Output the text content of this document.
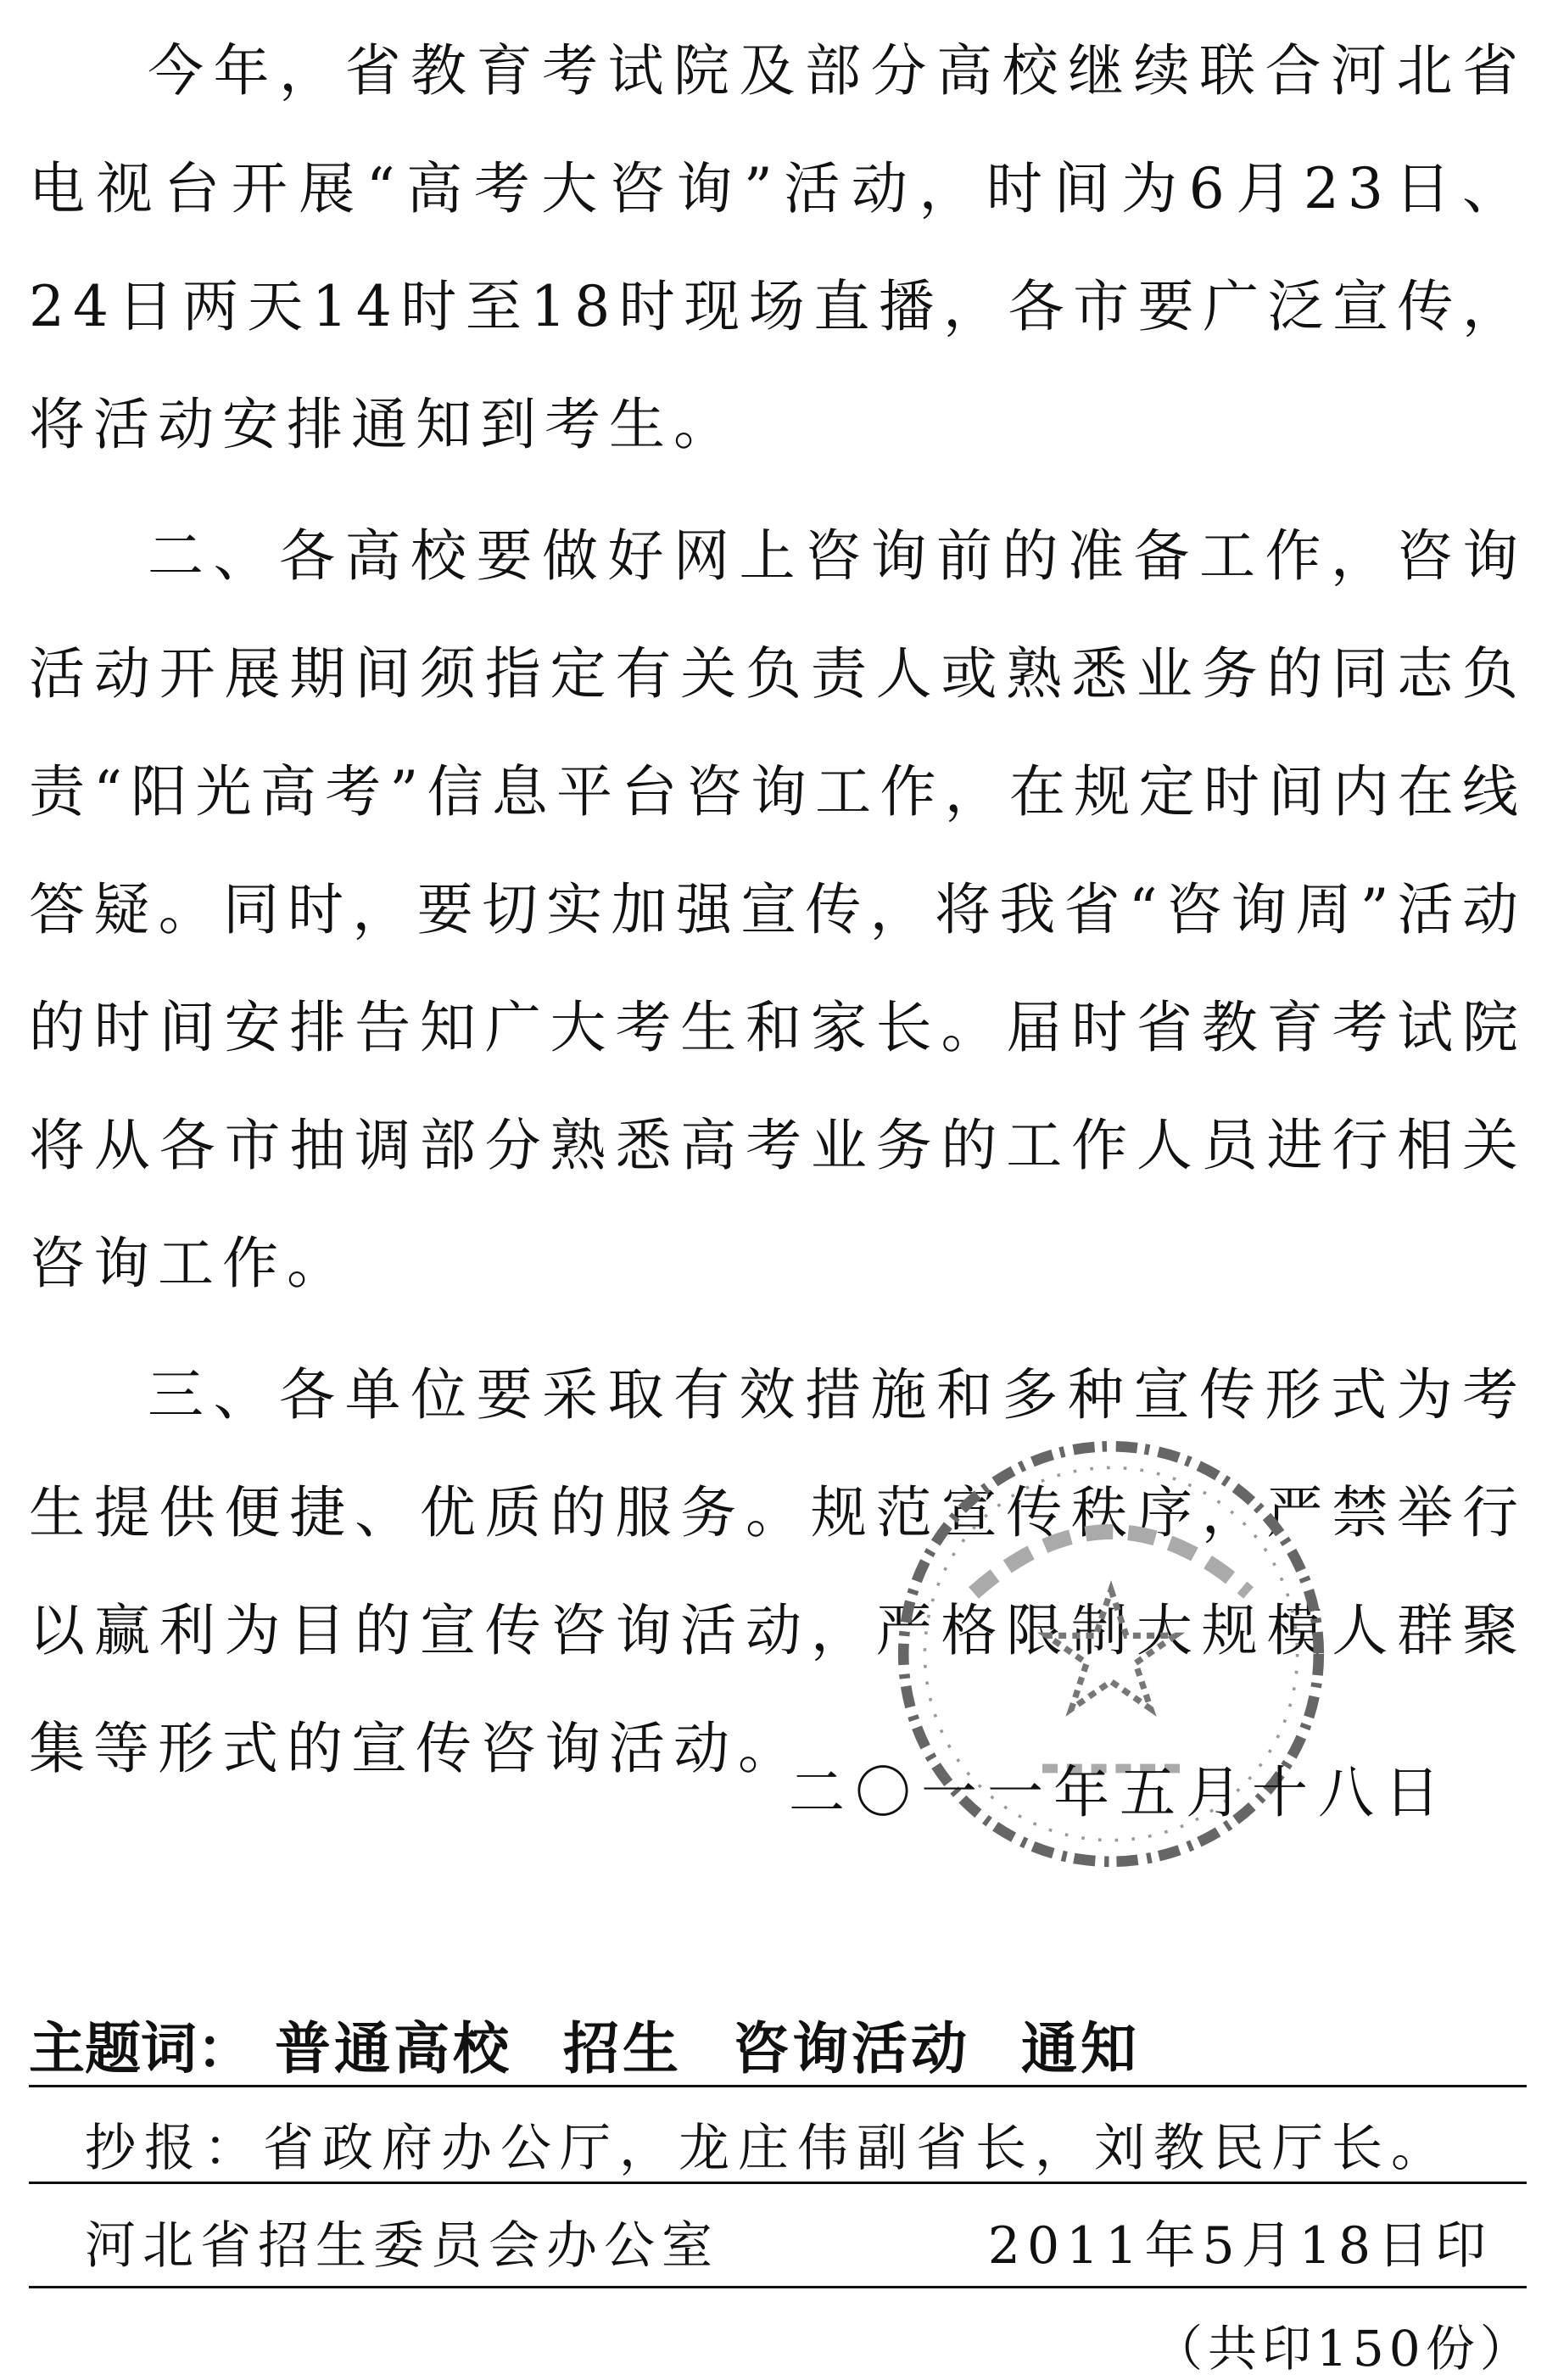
今年，省教育考试院及部分高校继续联合河北省电视台开展“高考大咨询”活动，时间为6月23日、24日两天14时至18时现场直播，各市要广泛宣传，将活动安排通知到考生。

二、各高校要做好网上咨询前的准备工作，咨询活动开展期间须指定有关负责人或熟悉业务的同志负责“阳光高考”信息平台咨询工作，在规定时间内在线答疑。同时，要切实加强宣传，将我省“咨询周”活动的时间安排告知广大考生和家长。届时省教育考试院将从各市抽调部分熟悉高考业务的工作人员进行相关咨询工作。

三、各单位要采取有效措施和多种宣传形式为考生提供便捷、优质的服务。规范宣传秩序，严禁举行以赢利为目的宣传咨询活动，严格限制大规模人群聚集等形式的宣传咨询活动。

二〇一一年五月十八日
主题词： 普通高校 招生 咨询活动 通知
抄报：省政府办公厅，龙庄伟副省长，刘教民厅长。
河北省招生委员会办公室	2011年5月18日印
（共印150份）
